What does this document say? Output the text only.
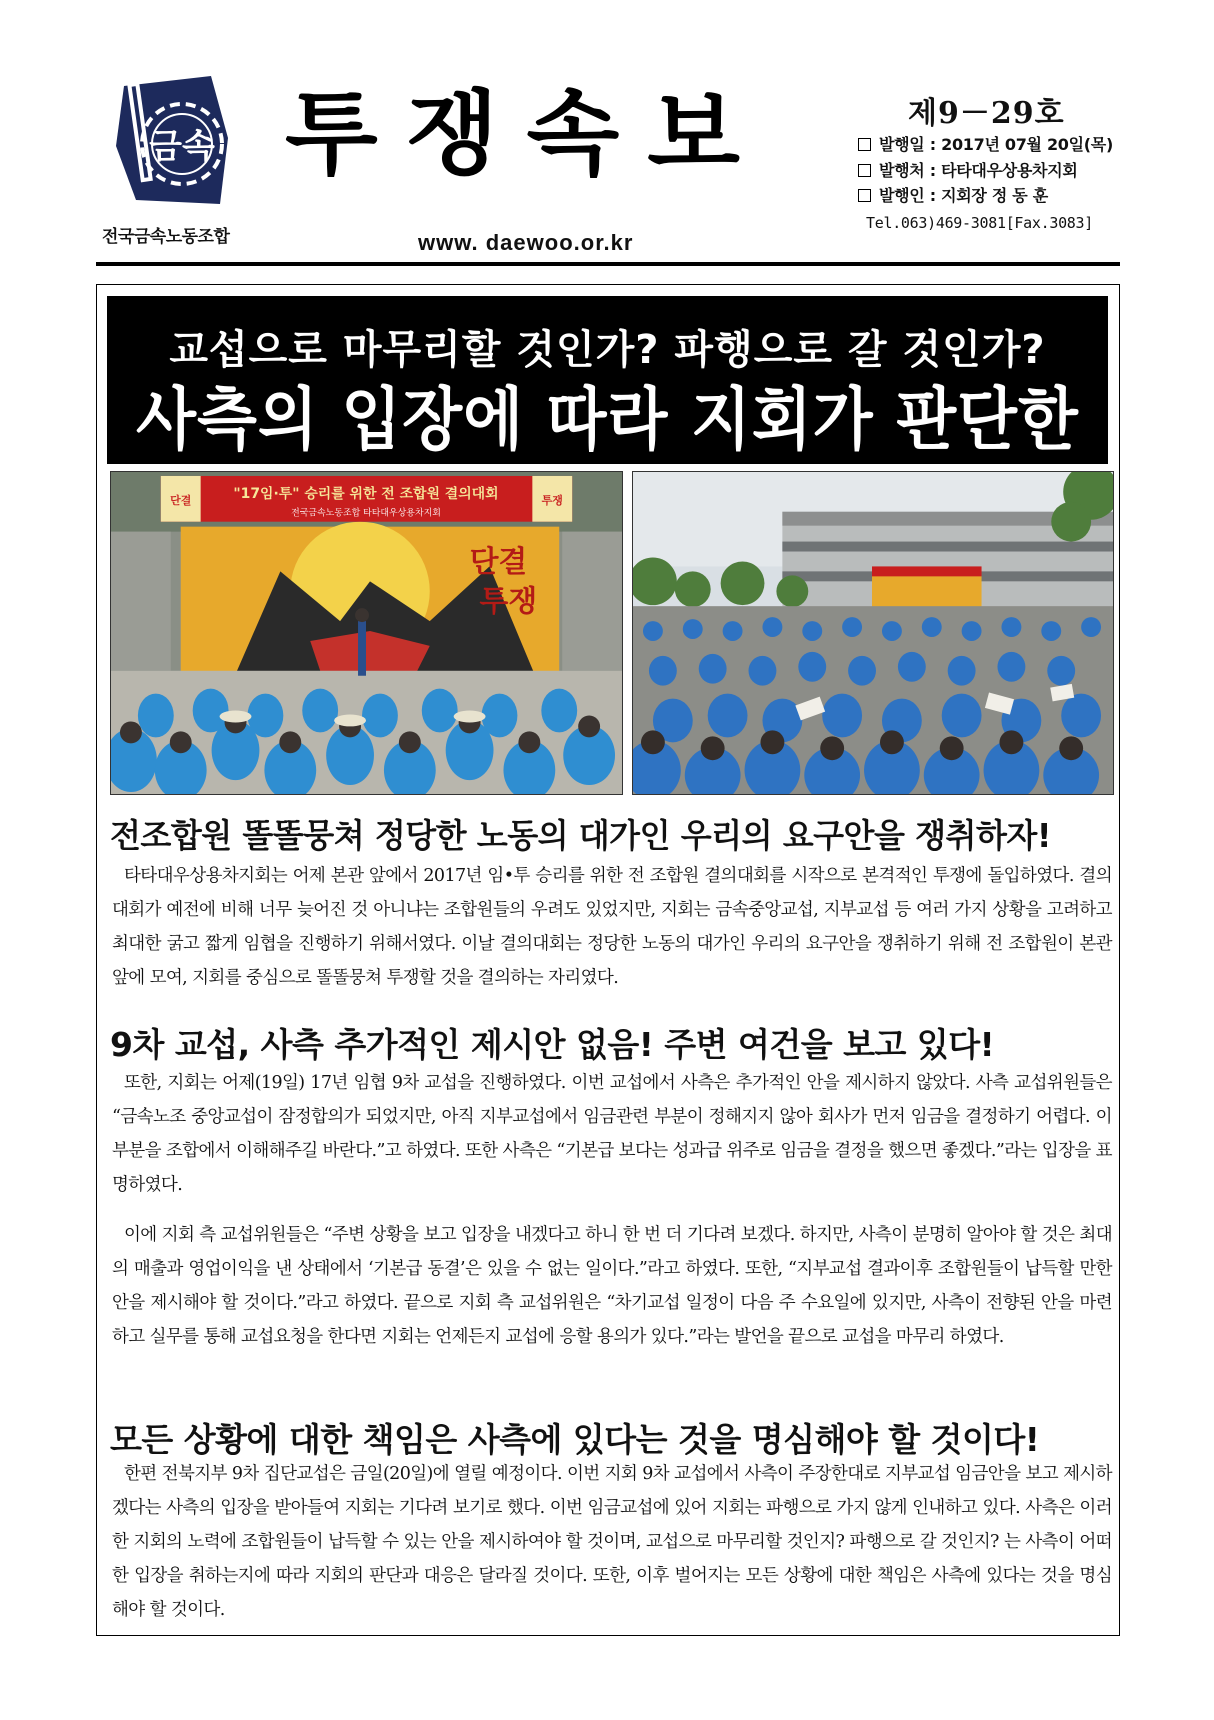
금속
전국금속노동조합
투쟁속보
www. daewoo.or.kr
제9－29호
발행일 : 2017년 07월 20일(목)
발행처 : 타타대우상용차지회
발행인 : 지회장 정 동 훈
Tel.063)469-3081[Fax.3083]
교섭으로 마무리할 것인가? 파행으로 갈 것인가?
사측의 입장에 따라 지회가 판단한
단결
투쟁
단결	투쟁
"17임·투" 승리를 위한 전 조합원 결의대회
전국금속노동조합 타타대우상용차지회
전조합원 똘똘뭉쳐 정당한 노동의 대가인 우리의 요구안을 쟁취하자!
타타대우상용차지회는 어제 본관 앞에서 2017년 임•투 승리를 위한 전 조합원 결의대회를 시작으로 본격적인 투쟁에 돌입하였다. 결의대회가 예전에 비해 너무 늦어진 것 아니냐는 조합원들의 우려도 있었지만, 지회는 금속중앙교섭, 지부교섭 등 여러 가지 상황을 고려하고 최대한 굵고 짧게 임협을 진행하기 위해서였다. 이날 결의대회는 정당한 노동의 대가인 우리의 요구안을 쟁취하기 위해 전 조합원이 본관 앞에 모여, 지회를 중심으로 똘똘뭉쳐 투쟁할 것을 결의하는 자리였다.
9차 교섭, 사측 추가적인 제시안 없음! 주변 여건을 보고 있다!
또한, 지회는 어제(19일) 17년 임협 9차 교섭을 진행하였다. 이번 교섭에서 사측은 추가적인 안을 제시하지 않았다. 사측 교섭위원들은 “금속노조 중앙교섭이 잠정합의가 되었지만, 아직 지부교섭에서 임금관련 부분이 정해지지 않아 회사가 먼저 임금을 결정하기 어렵다. 이 부분을 조합에서 이해해주길 바란다.”고 하였다. 또한 사측은 “기본급 보다는 성과급 위주로 임금을 결정을 했으면 좋겠다.”라는 입장을 표명하였다.
이에 지회 측 교섭위원들은 “주변 상황을 보고 입장을 내겠다고 하니 한 번 더 기다려 보겠다. 하지만, 사측이 분명히 알아야 할 것은 최대의 매출과 영업이익을 낸 상태에서 ‘기본급 동결’은 있을 수 없는 일이다.”라고 하였다. 또한, “지부교섭 결과이후 조합원들이 납득할 만한 안을 제시해야 할 것이다.”라고 하였다. 끝으로 지회 측 교섭위원은 “차기교섭 일정이 다음 주 수요일에 있지만, 사측이 전향된 안을 마련하고 실무를 통해 교섭요청을 한다면 지회는 언제든지 교섭에 응할 용의가 있다.”라는 발언을 끝으로 교섭을 마무리 하였다.
모든 상황에 대한 책임은 사측에 있다는 것을 명심해야 할 것이다!
한편 전북지부 9차 집단교섭은 금일(20일)에 열릴 예정이다. 이번 지회 9차 교섭에서 사측이 주장한대로 지부교섭 임금안을 보고 제시하겠다는 사측의 입장을 받아들여 지회는 기다려 보기로 했다. 이번 임금교섭에 있어 지회는 파행으로 가지 않게 인내하고 있다. 사측은 이러한 지회의 노력에 조합원들이 납득할 수 있는 안을 제시하여야 할 것이며, 교섭으로 마무리할 것인지? 파행으로 갈 것인지? 는 사측이 어떠한 입장을 취하는지에 따라 지회의 판단과 대응은 달라질 것이다. 또한, 이후 벌어지는 모든 상황에 대한 책임은 사측에 있다는 것을 명심해야 할 것이다.
